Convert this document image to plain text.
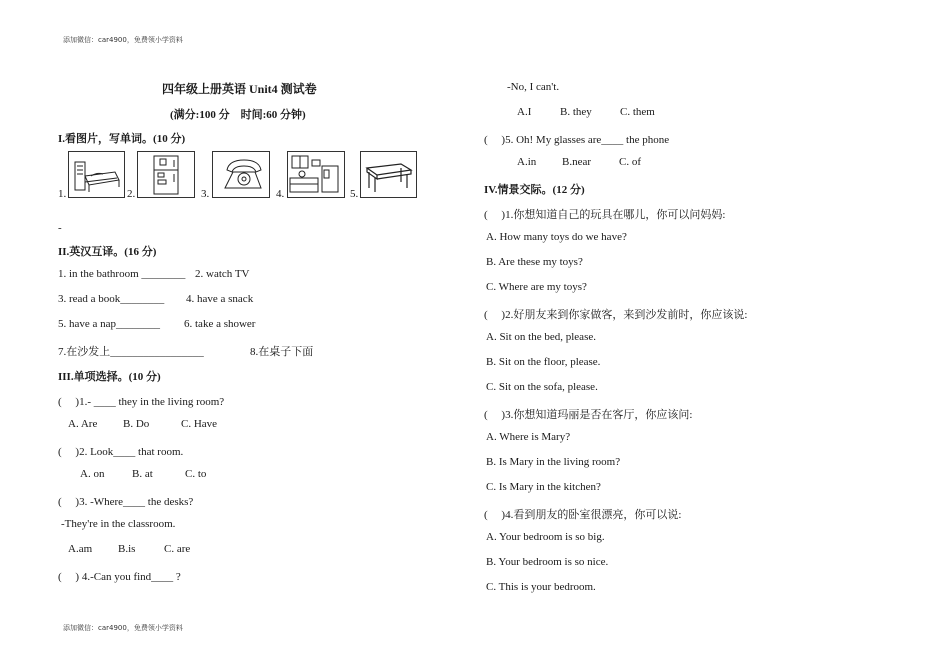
添加微信：car4900，免费领小学资料
添加微信：car4900，免费领小学资料
四年级上册英语 Unit4 测试卷
(满分:100 分　时间:60 分钟)
I.看图片，写单词。(10 分)
1.	2.	3.	4.	5.
-
II.英汉互译。(16 分)
1. in the bathroom ________ 2. watch TV
3. read a book________ 4. have a snack
5. have a nap________ 6. take a shower
7.在沙发上_________________	8.在桌子下面
III.单项选择。(10 分)
(　 )1.- ____ they in the living room?
A. Are B. Do	C. Have
(　 )2. Look____ that room.
A. on	B. at	C. to
(　 )3. -Where____ the desks?
-They're in the classroom.
A.am B.is	C. are
(　 ) 4.-Can you find____ ?
-No, I can't.
A.I	B. they	C. them
(　 )5. Oh! My glasses are____ the phone
A.in B.near	C. of
IV.情景交际。(12 分)
(　 )1.你想知道自己的玩具在哪儿，你可以问妈妈:
A. How many toys do we have?
B. Are these my toys?
C. Where are my toys?
(　 )2.好朋友来到你家做客，来到沙发前时，你应该说:
A. Sit on the bed, please.
B. Sit on the floor, please.
C. Sit on the sofa, please.
(　 )3.你想知道玛丽是否在客厅，你应该问:
A. Where is Mary?
B. Is Mary in the living room?
C. Is Mary in the kitchen?
(　 )4.看到朋友的卧室很漂亮，你可以说:
A. Your bedroom is so big.
B. Your bedroom is so nice.
C. This is your bedroom.
